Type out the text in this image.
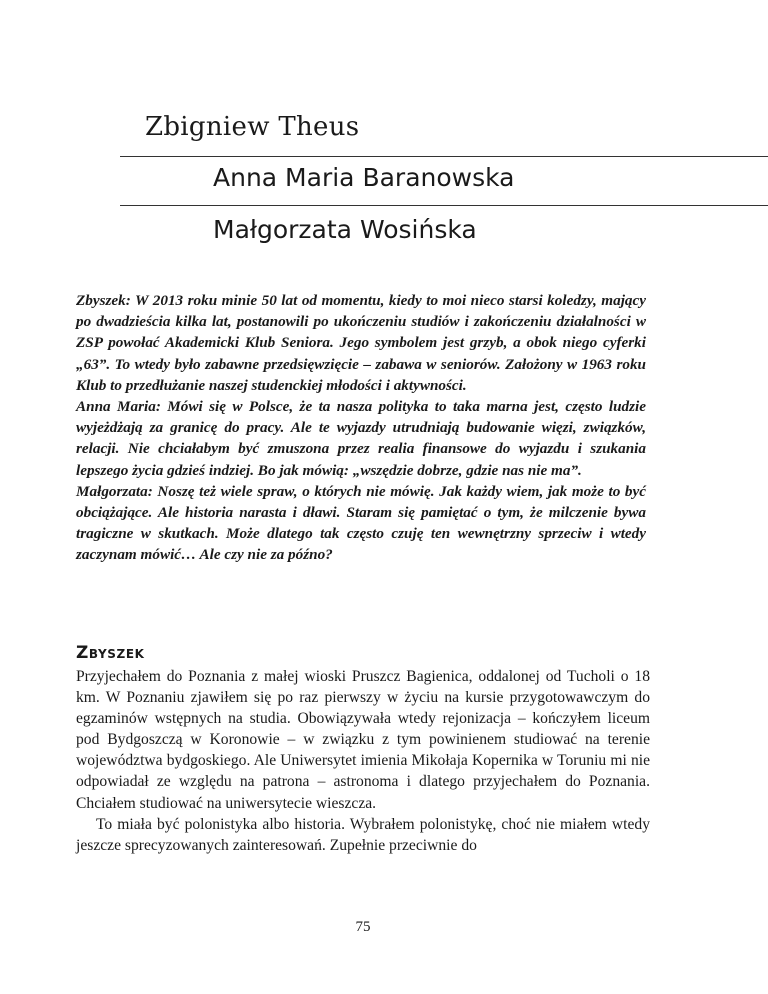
Zbigniew Theus
Anna Maria Baranowska
Małgorzata Wosińska

Zbyszek: W 2013 roku minie 50 lat od momentu, kiedy to moi nieco starsi koledzy, mający po dwadzieścia kilka lat, postanowili po ukończeniu studiów i zakończeniu działalności w ZSP powołać Akademicki Klub Seniora. Jego symbolem jest grzyb, a obok niego cyferki „63”. To wtedy było zabawne przedsięwzięcie – zabawa w seniorów. Założony w 1963 roku Klub to przedłużanie naszej studenckiej młodości i aktywności.

Anna Maria: Mówi się w Polsce, że ta nasza polityka to taka marna jest, często ludzie wyjeżdżają za granicę do pracy. Ale te wyjazdy utrudniają budowanie więzi, związków, relacji. Nie chciałabym być zmuszona przez realia finansowe do wyjazdu i szukania lepszego życia gdzieś indziej. Bo jak mówią: „wszędzie dobrze, gdzie nas nie ma”.

Małgorzata: Noszę też wiele spraw, o których nie mówię. Jak każdy wiem, jak może to być obciążające. Ale historia narasta i dławi. Staram się pamiętać o tym, że milczenie bywa tragiczne w skutkach. Może dlatego tak często czuję ten wewnętrzny sprzeciw i wtedy zaczynam mówić… Ale czy nie za późno?

Zbyszek

Przyjechałem do Poznania z małej wioski Pruszcz Bagienica, oddalonej od Tucholi o 18 km. W Poznaniu zjawiłem się po raz pierwszy w życiu na kursie przygotowawczym do egzaminów wstępnych na studia. Obowiązywała wtedy rejonizacja – kończyłem liceum pod Bydgoszczą w Koronowie – w związku z tym powinienem studiować na terenie województwa bydgoskiego. Ale Uniwersytet imienia Mikołaja Kopernika w Toruniu mi nie odpowiadał ze względu na patrona – astronoma i dlatego przyjechałem do Poznania. Chciałem studiować na uniwersytecie wieszcza.

To miała być polonistyka albo historia. Wybrałem polonistykę, choć nie miałem wtedy jeszcze sprecyzowanych zainteresowań. Zupełnie przeciwnie do

75
